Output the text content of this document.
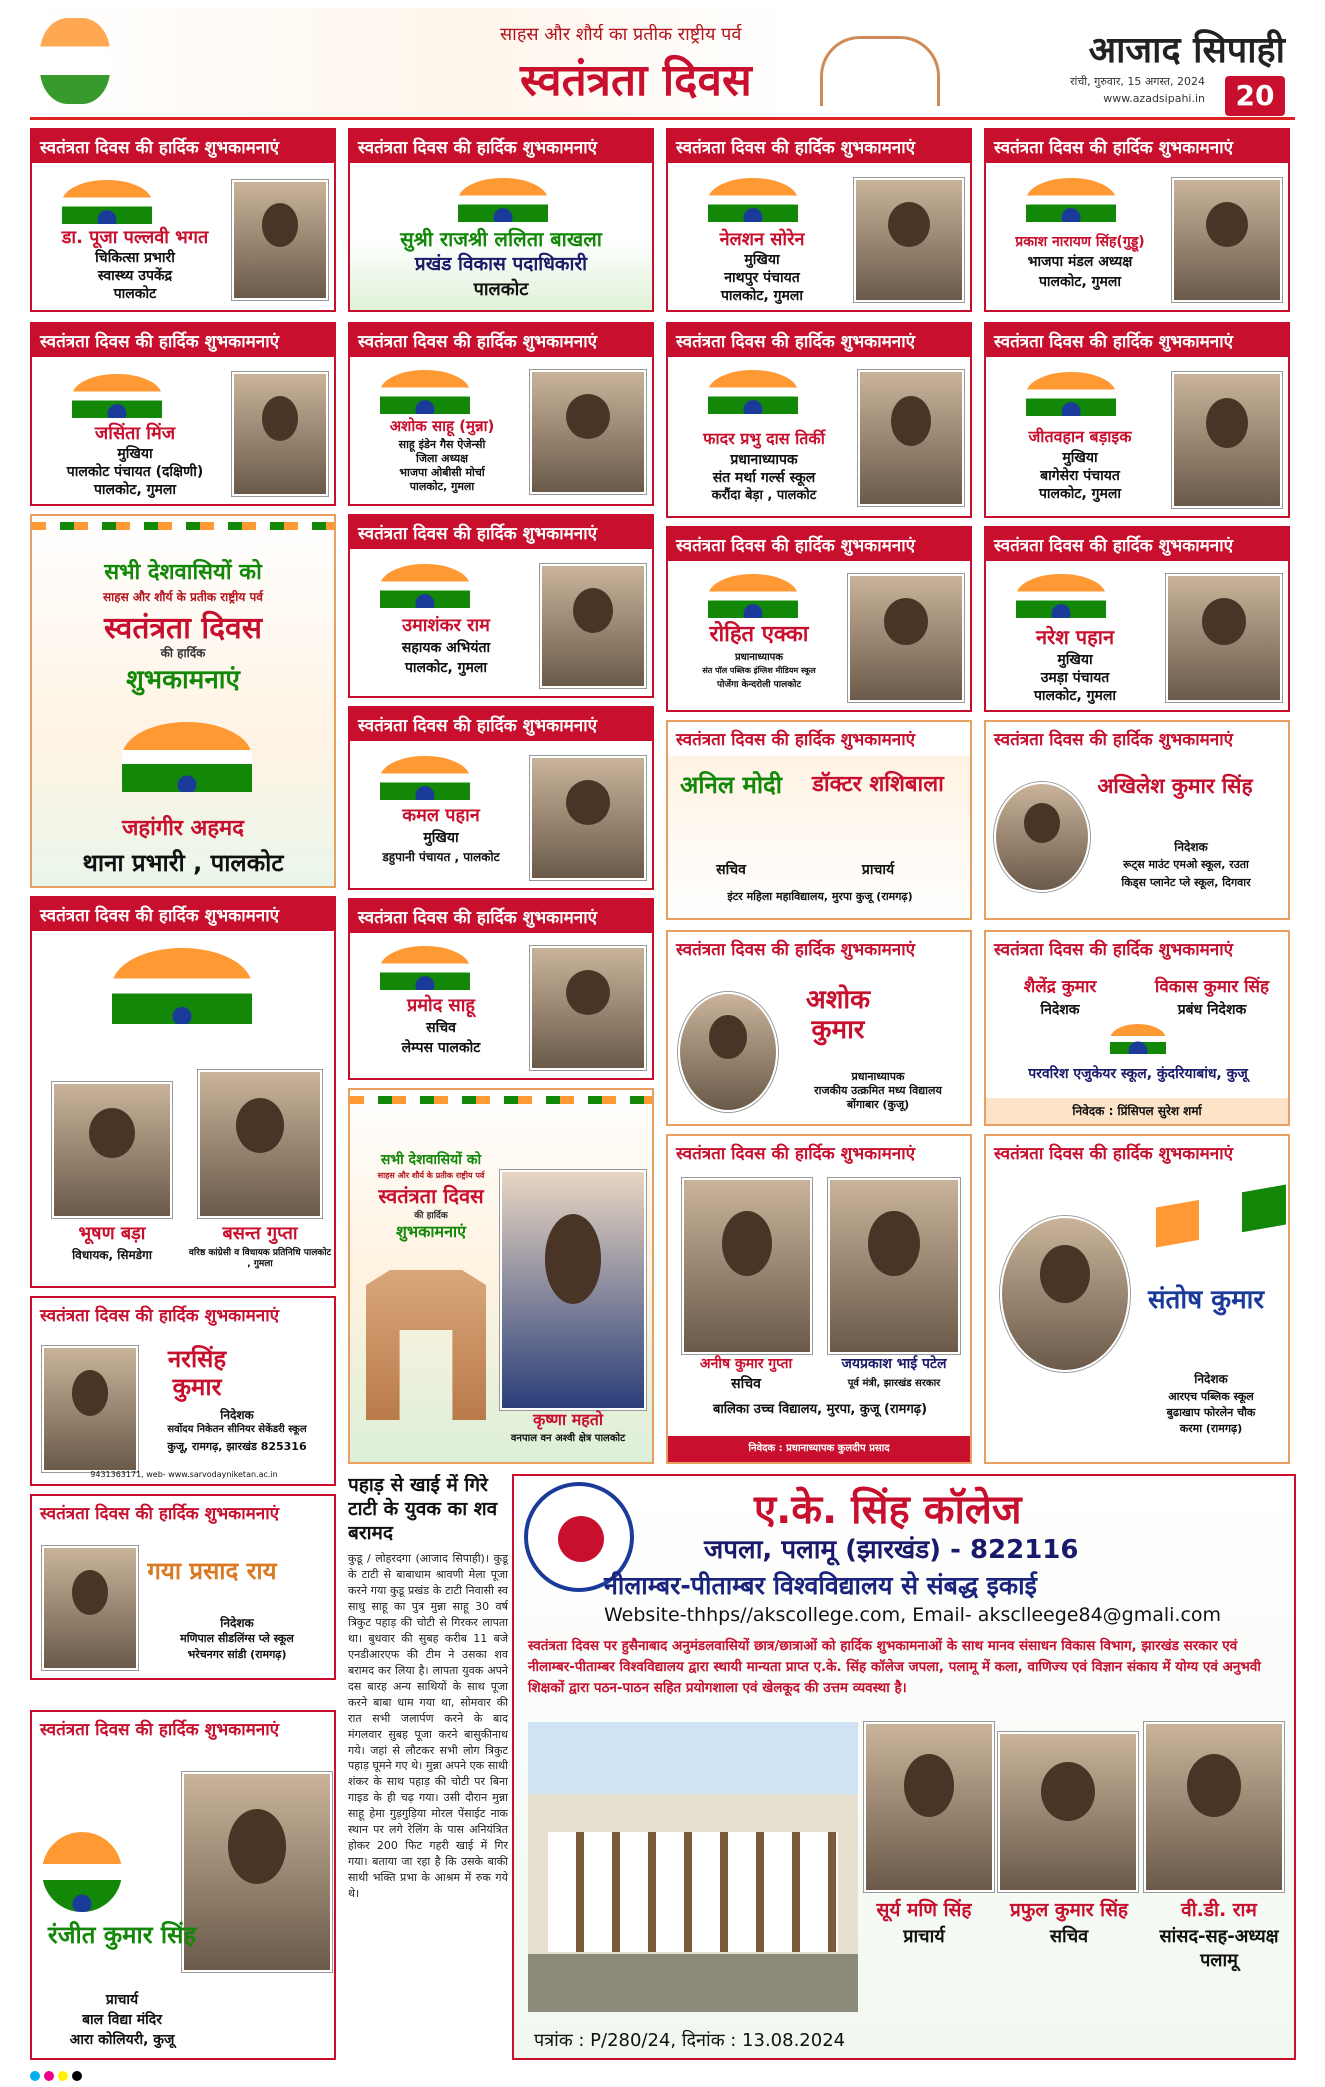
साहस और शौर्य का प्रतीक राष्ट्रीय पर्व
स्वतंत्रता दिवस
आजाद सिपाही
रांची, गुरुवार, 15 अगस्त, 2024
www.azadsipahi.in	20
स्वतंत्रता दिवस की हार्दिक शुभकामनाएं
डा. पूजा पल्लवी भगत
चिकित्सा प्रभारी
स्वास्थ्य उपकेंद्र
पालकोट
स्वतंत्रता दिवस की हार्दिक शुभकामनाएं
जसिंता मिंज
मुखिया
पालकोट पंचायत (दक्षिणी)
पालकोट, गुमला
सभी देशवासियों को
साहस और शौर्य के प्रतीक राष्ट्रीय पर्व
स्वतंत्रता दिवस
की हार्दिक
शुभकामनाएं
जहांगीर अहमद
थाना प्रभारी , पालकोट
स्वतंत्रता दिवस की हार्दिक शुभकामनाएं
भूषण बड़ा
विधायक, सिमडेगा
बसन्त गुप्ता
वरिष्ठ कांग्रेसी व विधायक प्रतिनिधि पालकोट , गुमला
स्वतंत्रता दिवस की हार्दिक शुभकामनाएं
नरसिंह कुमार
निदेशक
सर्वोदय निकेतन सीनियर सेकेंडरी स्कूल
कुजू, रामगढ़, झारखंड 825316
9431363171, web- www.sarvodayniketan.ac.in
स्वतंत्रता दिवस की हार्दिक शुभकामनाएं
गया प्रसाद राय
निदेशक
मणिपाल सीडलिंग्स प्ले स्कूल
भरेचनगर सांडी (रामगढ़)
स्वतंत्रता दिवस की हार्दिक शुभकामनाएं
रंजीत कुमार सिंह
प्राचार्य
बाल विद्या मंदिर
आरा कोलियरी, कुजू
स्वतंत्रता दिवस की हार्दिक शुभकामनाएं
सुश्री राजश्री ललिता बाखला
प्रखंड विकास पदाधिकारी
पालकोट
स्वतंत्रता दिवस की हार्दिक शुभकामनाएं
अशोक साहू (मुन्ना)
साहू इंडेन गैस ऐजेन्सी
जिला अध्यक्ष
भाजपा ओबीसी मोर्चा
पालकोट, गुमला
स्वतंत्रता दिवस की हार्दिक शुभकामनाएं
उमाशंकर राम
सहायक अभियंता
पालकोट, गुमला
स्वतंत्रता दिवस की हार्दिक शुभकामनाएं
कमल पहान
मुखिया
डहुपानी पंचायत , पालकोट
स्वतंत्रता दिवस की हार्दिक शुभकामनाएं
प्रमोद साहू
सचिव
लेम्पस पालकोट
सभी देशवासियों को
साहस और शौर्य के प्रतीक राष्ट्रीय पर्व
स्वतंत्रता दिवस
की हार्दिक
शुभकामनाएं
कृष्णा महतो
वनपाल वन अश्वी क्षेत्र पालकोट
स्वतंत्रता दिवस की हार्दिक शुभकामनाएं
नेलशन सोरेन
मुखिया
नाथपुर पंचायत
पालकोट, गुमला
स्वतंत्रता दिवस की हार्दिक शुभकामनाएं
फादर प्रभु दास तिर्की
प्रधानाध्यापक
संत मर्था गर्ल्स स्कूल
करौंदा बेड़ा , पालकोट
स्वतंत्रता दिवस की हार्दिक शुभकामनाएं
रोहित एक्का
प्रधानाध्यापक
संत पॉल पब्लिक इंग्लिश मीडियम स्कूल
पोजेंगा केन्दरोली पालकोट
स्वतंत्रता दिवस की हार्दिक शुभकामनाएं
अनिल मोदी	डॉक्टर शशिबाला
सचिव	प्राचार्य
इंटर महिला महाविद्यालय, मुरपा कुजू (रामगढ़)
स्वतंत्रता दिवस की हार्दिक शुभकामनाएं
अशोक कुमार
प्रधानाध्यापक
राजकीय उत्क्रमित मध्य विद्यालय
बोंगाबार (कुजू)
स्वतंत्रता दिवस की हार्दिक शुभकामनाएं
अनीष कुमार गुप्ता
सचिव
जयप्रकाश भाई पटेल
पूर्व मंत्री, झारखंड सरकार
बालिका उच्च विद्यालय, मुरपा, कुजू (रामगढ़)
निवेदक : प्रधानाध्यापक कुलदीप प्रसाद
स्वतंत्रता दिवस की हार्दिक शुभकामनाएं
प्रकाश नारायण सिंह(गुड्डू)
भाजपा मंडल अध्यक्ष
पालकोट, गुमला
स्वतंत्रता दिवस की हार्दिक शुभकामनाएं
जीतवहान बड़ाइक
मुखिया
बागेसेरा पंचायत
पालकोट, गुमला
स्वतंत्रता दिवस की हार्दिक शुभकामनाएं
नरेश पहान
मुखिया
उमड़ा पंचायत
पालकोट, गुमला
स्वतंत्रता दिवस की हार्दिक शुभकामनाएं
अखिलेश कुमार सिंह
निदेशक
रूट्स माउंट एमओ स्कूल, रउता
किड्स प्लानेट प्ले स्कूल, दिगवार
स्वतंत्रता दिवस की हार्दिक शुभकामनाएं
शैलेंद्र कुमार
निदेशक
विकास कुमार सिंह
प्रबंध निदेशक
परवरिश एजुकेयर स्कूल, कुंदरियाबांध, कुजू
निवेदक : प्रिंसिपल सुरेश शर्मा
स्वतंत्रता दिवस की हार्दिक शुभकामनाएं
संतोष कुमार
निदेशक
आरएच पब्लिक स्कूल
बुढाखाप फोरलेन चौक
करमा (रामगढ़)
पहाड़ से खाई में गिरे टाटी के युवक का शव बरामद

कुडू / लोहरदगा (आजाद सिपाही)। कुडू के टाटी से बाबाधाम श्रावणी मेला पूजा करने गया कुडू प्रखंड के टाटी निवासी स्व साधु साहू का पुत्र मुन्ना साहू 30 वर्ष त्रिकुट पहाड़ की चोटी से गिरकर लापता था। बुधवार की सुबह करीब 11 बजे एनडीआरएफ की टीम ने उसका शव बरामद कर लिया है। लापता युवक अपने दस बारह अन्य साथियों के साथ पूजा करने बाबा धाम गया था, सोमवार की रात सभी जलार्पण करने के बाद मंगलवार सुबह पूजा करने बासुकीनाथ गये। जहां से लौटकर सभी लोग त्रिकुट पहाड़ घूमने गए थे। मुन्ना अपने एक साथी शंकर के साथ पहाड़ की चोटी पर बिना गाइड के ही चढ़ गया। उसी दौरान मुन्ना साहू हेमा गुड़गुड़िया मोरल पेंसाईट नाक स्थान पर लगे रेलिंग के पास अनियंत्रित होकर 200 फिट गहरी खाई में गिर गया। बताया जा रहा है कि उसके बाकी साथी भक्ति प्रभा के आश्रम में रुक गये थे।

ए.के. सिंह कॉलेज
जपला, पलामू (झारखंड) - 822116
नीलाम्बर-पीताम्बर विश्वविद्यालय से संबद्ध इकाई
Website-thhps//akscollege.com, Email- aksclleege84@gmali.com
स्वतंत्रता दिवस पर हुसैनाबाद अनुमंडलवासियों छात्र/छात्राओं को हार्दिक शुभकामनाओं के साथ मानव संसाधन विकास विभाग, झारखंड सरकार एवं नीलाम्बर-पीताम्बर विश्वविद्यालय द्वारा स्थायी मान्यता प्राप्त ए.के. सिंह कॉलेज जपला, पलामू में कला, वाणिज्य एवं विज्ञान संकाय में योग्य एवं अनुभवी शिक्षकों द्वारा पठन-पाठन सहित प्रयोगशाला एवं खेलकूद की उत्तम व्यवस्था है।
सूर्य मणि सिंह
प्राचार्य
प्रफुल कुमार सिंह
सचिव
वी.डी. राम
सांसद-सह-अध्यक्ष पलामू
पत्रांक : P/280/24, दिनांक : 13.08.2024
